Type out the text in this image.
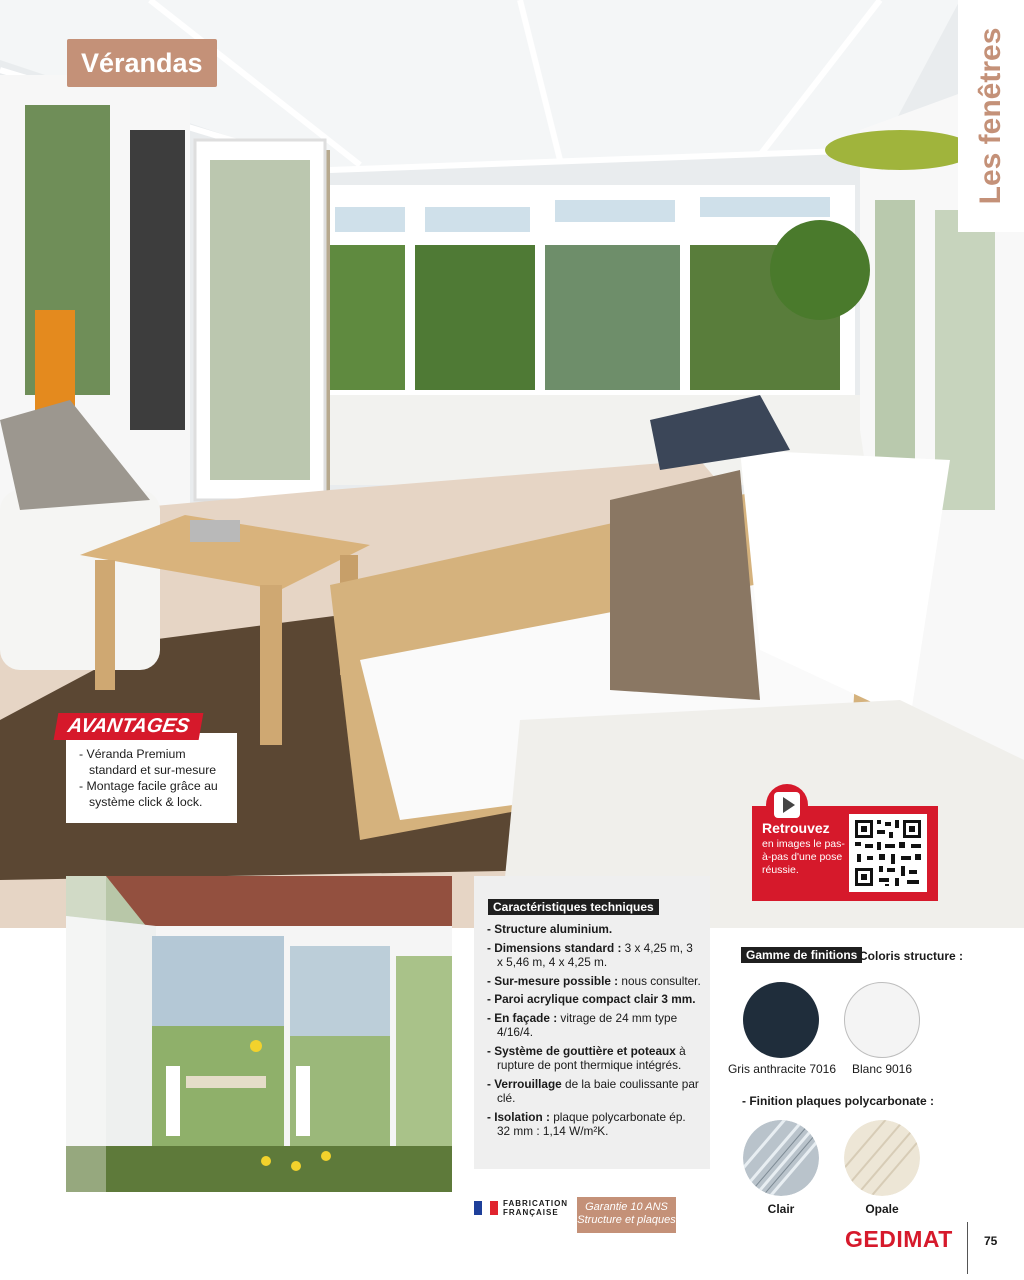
Les fenêtres
Vérandas
AVANTAGES
- Véranda Premium standard et sur-mesure
- Montage facile grâce au système click & lock.
Retrouvez
en images le pas-à-pas d'une pose réussie.
Caractéristiques techniques
- Structure aluminium.
- Dimensions standard : 3 x 4,25 m, 3 x 5,46 m, 4 x 4,25 m.
- Sur-mesure possible : nous consulter.
- Paroi acrylique compact clair 3 mm.
- En façade : vitrage de 24 mm type 4/16/4.
- Système de gouttière et poteaux à rupture de pont thermique intégrés.
- Verrouillage de la baie coulissante par clé.
- Isolation : plaque polycarbonate ép. 32 mm : 1,14 W/m²K.
Gamme de finitions Coloris structure :
Gris anthracite 7016	Blanc 9016
- Finition plaques polycarbonate :
Clair	Opale
FABRICATION
FRANÇAISE	Garantie 10 ANS
Structure et plaques
GEDIMAT	75
